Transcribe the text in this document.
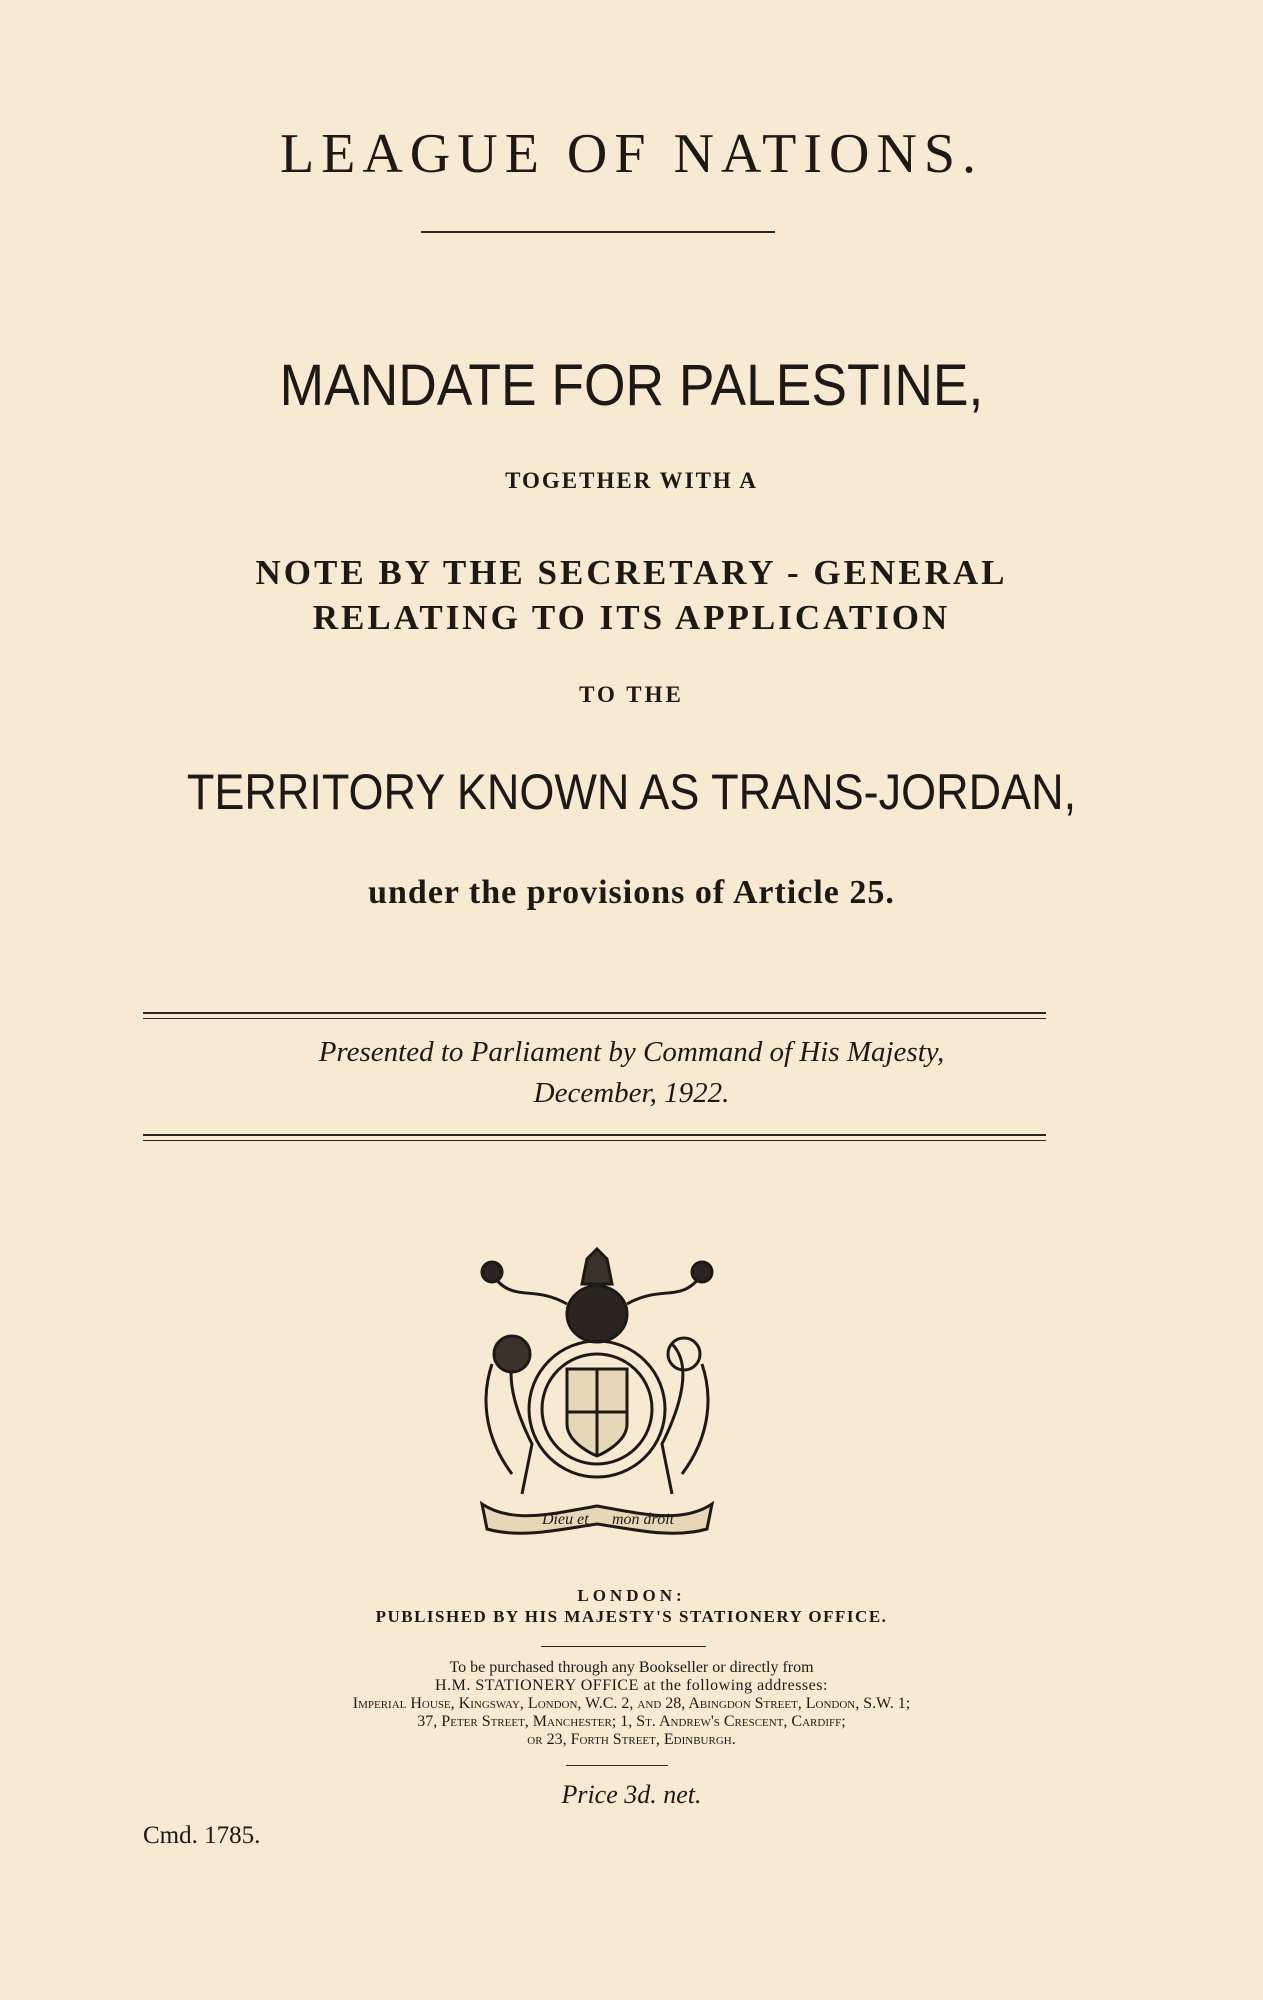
LEAGUE OF NATIONS.
MANDATE FOR PALESTINE,
TOGETHER WITH A
NOTE BY THE SECRETARY - GENERAL
RELATING TO ITS APPLICATION
TO THE
TERRITORY KNOWN AS TRANS-JORDAN,
under the provisions of Article 25.
Presented to Parliament by Command of His Majesty,
December, 1922.
Dieu et mon droit
LONDON:
PUBLISHED BY HIS MAJESTY'S STATIONERY OFFICE.
To be purchased through any Bookseller or directly from
H.M. STATIONERY OFFICE at the following addresses:
Imperial House, Kingsway, London, W.C. 2, and 28, Abingdon Street, London, S.W. 1;
37, Peter Street, Manchester; 1, St. Andrew's Crescent, Cardiff;
or 23, Forth Street, Edinburgh.
Price 3d. net.
Cmd. 1785.
